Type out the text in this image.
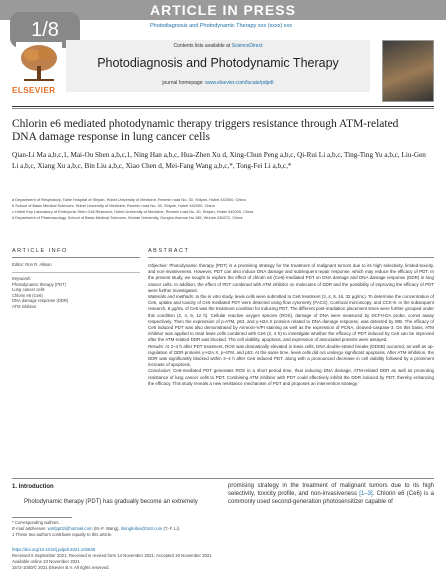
ARTICLE IN PRESS
1/8	Photodiagnosis and Photodynamic Therapy xxx (xxxx) xxx
ELSEVIER
Contents lists available at ScienceDirect
Photodiagnosis and Photodynamic Therapy
journal homepage: www.elsevier.com/locate/pdpdt
Chlorin e6 mediated photodynamic therapy triggers resistance through ATM-related DNA damage response in lung cancer cells
Qian-Li Ma a,b,c,1, Mai-Ou Shen a,b,c,1, Ning Han a,b,c, Hua-Zhen Xu d, Xing-Chun Peng a,b,c, Qi-Rui Li a,b,c, Ting-Ting Yu a,b,c, Liu-Gen Li a,b,c, Xiang Xu a,b,c, Bin Liu a,b,c, Xiao Chen d, Mei-Fang Wang a,b,c,*, Tong-Fei Li a,b,c,*
a Department of Respiratory, Taihe Hospital of Shiyan, Hubei University of Medicine, Renmin road No. 30, Shiyan, Hubei 442000, China
b School of Basic Medical Sciences, Hubei University of Medicine, Renmin road No. 30, Shiyan, Hubei 442000, China
c Hubei Key Laboratory of Embryonic Stem Cell Research, Hubei University of Medicine, Renmin road No. 30, Shiyan, Hubei 442000, China
d Department of Pharmacology, School of Basic Medical Sciences, Wuhan University, Donghu Avenue No.185, Wuhan 430072, China
ARTICLE INFO	ABSTRACT
Editor: Ron R. Allison
Keywords:
Photodynamic therapy (PDT)
Lung cancer cells
Chlorin e6 (Ce6)
DNA damage response (DDR)
ATM inhibitor

Objective: Photodynamic therapy (PDT) is a promising strategy for the treatment of malignant tumors due to its high selectivity, limited-toxicity, and non-invasiveness. However, PDT can also induce DNA damage and subsequent repair response, which may reduce the efficacy of PDT. In the present study, we sought to explore the effect of chlorin e6 (Ce6)-mediated PDT on DNA damage and DNA damage response (DDR) in lung cancer cells. In addition, the effect of PDT combined with ATM inhibitor on molecules of DDR and the possibility of improving the efficacy of PDT were further investigated.

Materials and methods: In the in vitro study, lewis cells were submitted to Ce6 treatment (2, 4, 8, 16, 32 μg/mL). To determine the concentration of Ce6, uptake and toxicity of Ce6 mediated PDT were detected using flow cytometry (FACS), Confocal microscopy, and CCK-8. In the subsequent research, 8 μg/mL of Ce6 was the treatment condition for inducing PDT. The different post-irradiation placement times were further grouped under this condition (2, 4, 6, 12 h). Cellular reactive oxygen species (ROS), damage of DNA were measured by DCFH-DA probe, comet assay respectively. Then the expression of p-ATM, p53, and γ-H2A.X proteins related to DNA damage response, was detected by WB. The efficacy of Ce6 induced PDT was also demonstrated by Annexin-V/PI staining as well as the expression of PCNA, cleaved-caspase-3. On this basis, ATM inhibitor was applied to treat lewis cells combined with Ce6 (2, 4 h) to investigate whether the efficacy of PDT induced by Ce6 can be improved after the ATM-related DDR was blocked. The cell viability, apoptosis, and expression of associated proteins were assayed.

Results: At 2–4 h after PDT treatment, ROS was dramatically elevated in lewis cells, DNA double-strand breaks (DDSB) occurred, as well as up-regulation of DDR proteins γ-H2A.X, p-ATM, and p53. At the same time, lewis cells did not undergo significant apoptosis. After ATM inhibition, the DDR was significantly blocked within 2–4 h after Ce6 induced PDT, along with a pronounced decrease in cell viability followed by a prominent increase of apoptosis.

Conclusion: Ce6-mediated PDT generates ROS in a short period time, thus inducing DNA damage, ATM-related DDR as well as promoting resistance of lung cancer cells to PDT. Combining ATM inhibitor with PDT could effectively inhibit the DDR induced by PDT, thereby enhancing the efficacy. This study reveals a new resistance mechanism of PDT and proposes an intervention strategy.

1. Introduction
Photodynamic therapy (PDT) has gradually become an extremely
promising strategy in the treatment of malignant tumors due to its high selectivity, toxicity profile, and non-invasiveness [1–3]. Chlorin e6 (Ce6) is a commonly used second-generation photosensitizer capable of
* Corresponding authors.
E-mail addresses: wmfpp02@hotmail.com (M.-F. Wang), litongfeibio@163.com (T.-F. Li).
1 These two authors contribute equally to this article.
https://doi.org/10.1016/j.pdpdt.2021.102645
Received 6 September 2021; Received in revised form 14 November 2021; Accepted 19 November 2021
Available online 23 November 2021
1572-1000/© 2021 Elsevier B.V. All rights reserved.
